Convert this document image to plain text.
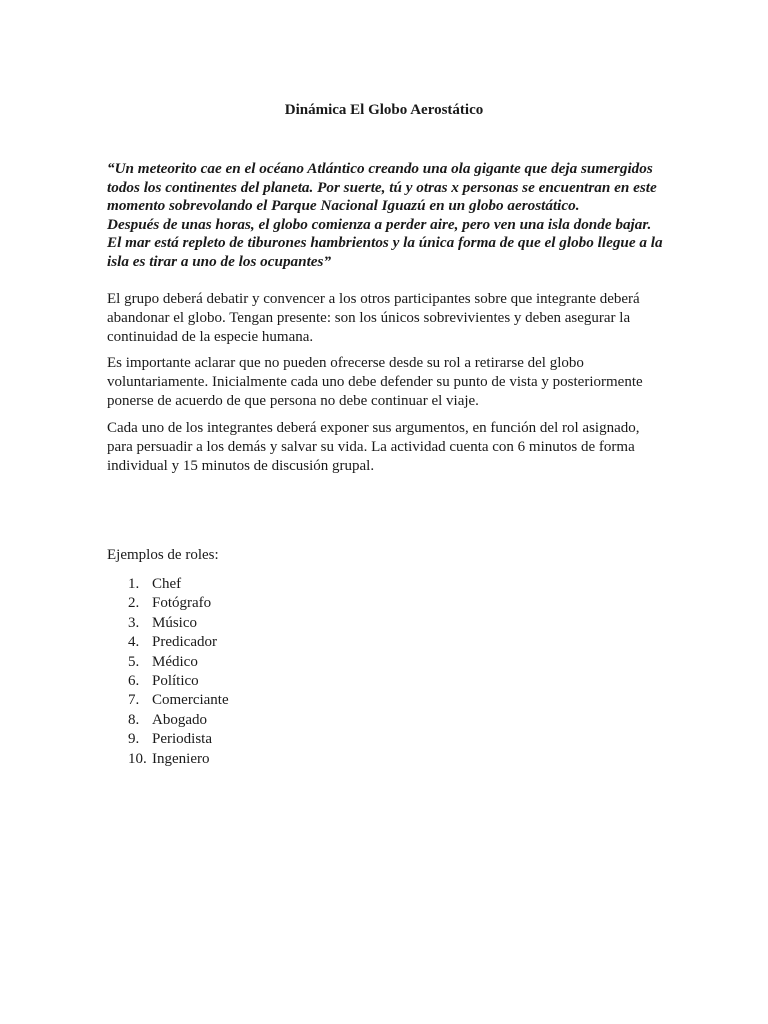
Dinámica El Globo Aerostático

“Un meteorito cae en el océano Atlántico creando una ola gigante que deja sumergidos
todos los continentes del planeta. Por suerte, tú y otras x personas se encuentran en este
momento sobrevolando el Parque Nacional Iguazú en un globo aerostático.
Después de unas horas, el globo comienza a perder aire, pero ven una isla donde bajar.
El mar está repleto de tiburones hambrientos y la única forma de que el globo llegue a la
isla es tirar a uno de los ocupantes”

El grupo deberá debatir y convencer a los otros participantes sobre que integrante deberá
abandonar el globo. Tengan presente: son los únicos sobrevivientes y deben asegurar la
continuidad de la especie humana.

Es importante aclarar que no pueden ofrecerse desde su rol a retirarse del globo
voluntariamente. Inicialmente cada uno debe defender su punto de vista y posteriormente
ponerse de acuerdo de que persona no debe continuar el viaje.

Cada uno de los integrantes deberá exponer sus argumentos, en función del rol asignado,
para persuadir a los demás y salvar su vida. La actividad cuenta con 6 minutos de forma
individual y 15 minutos de discusión grupal.

Ejemplos de roles:

1. Chef
2. Fotógrafo
3. Músico
4. Predicador
5. Médico
6. Político
7. Comerciante
8. Abogado
9. Periodista
10. Ingeniero
